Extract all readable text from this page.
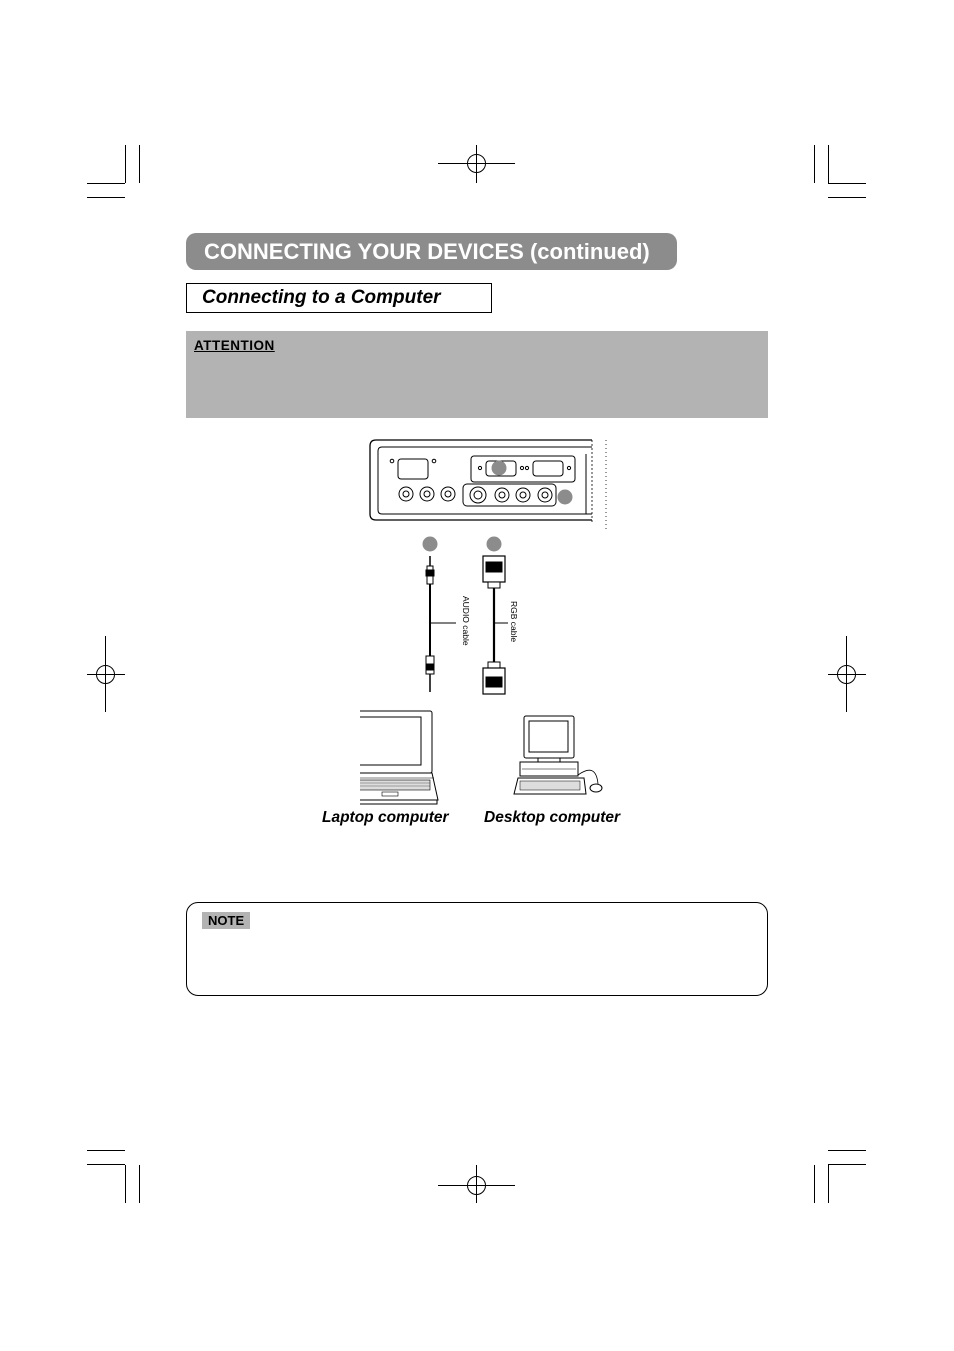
CONNECTING YOUR DEVICES (continued)
Connecting to a Computer
ATTENTION
AUDIO cable	RGB cable
Laptop computer Desktop computer
NOTE
